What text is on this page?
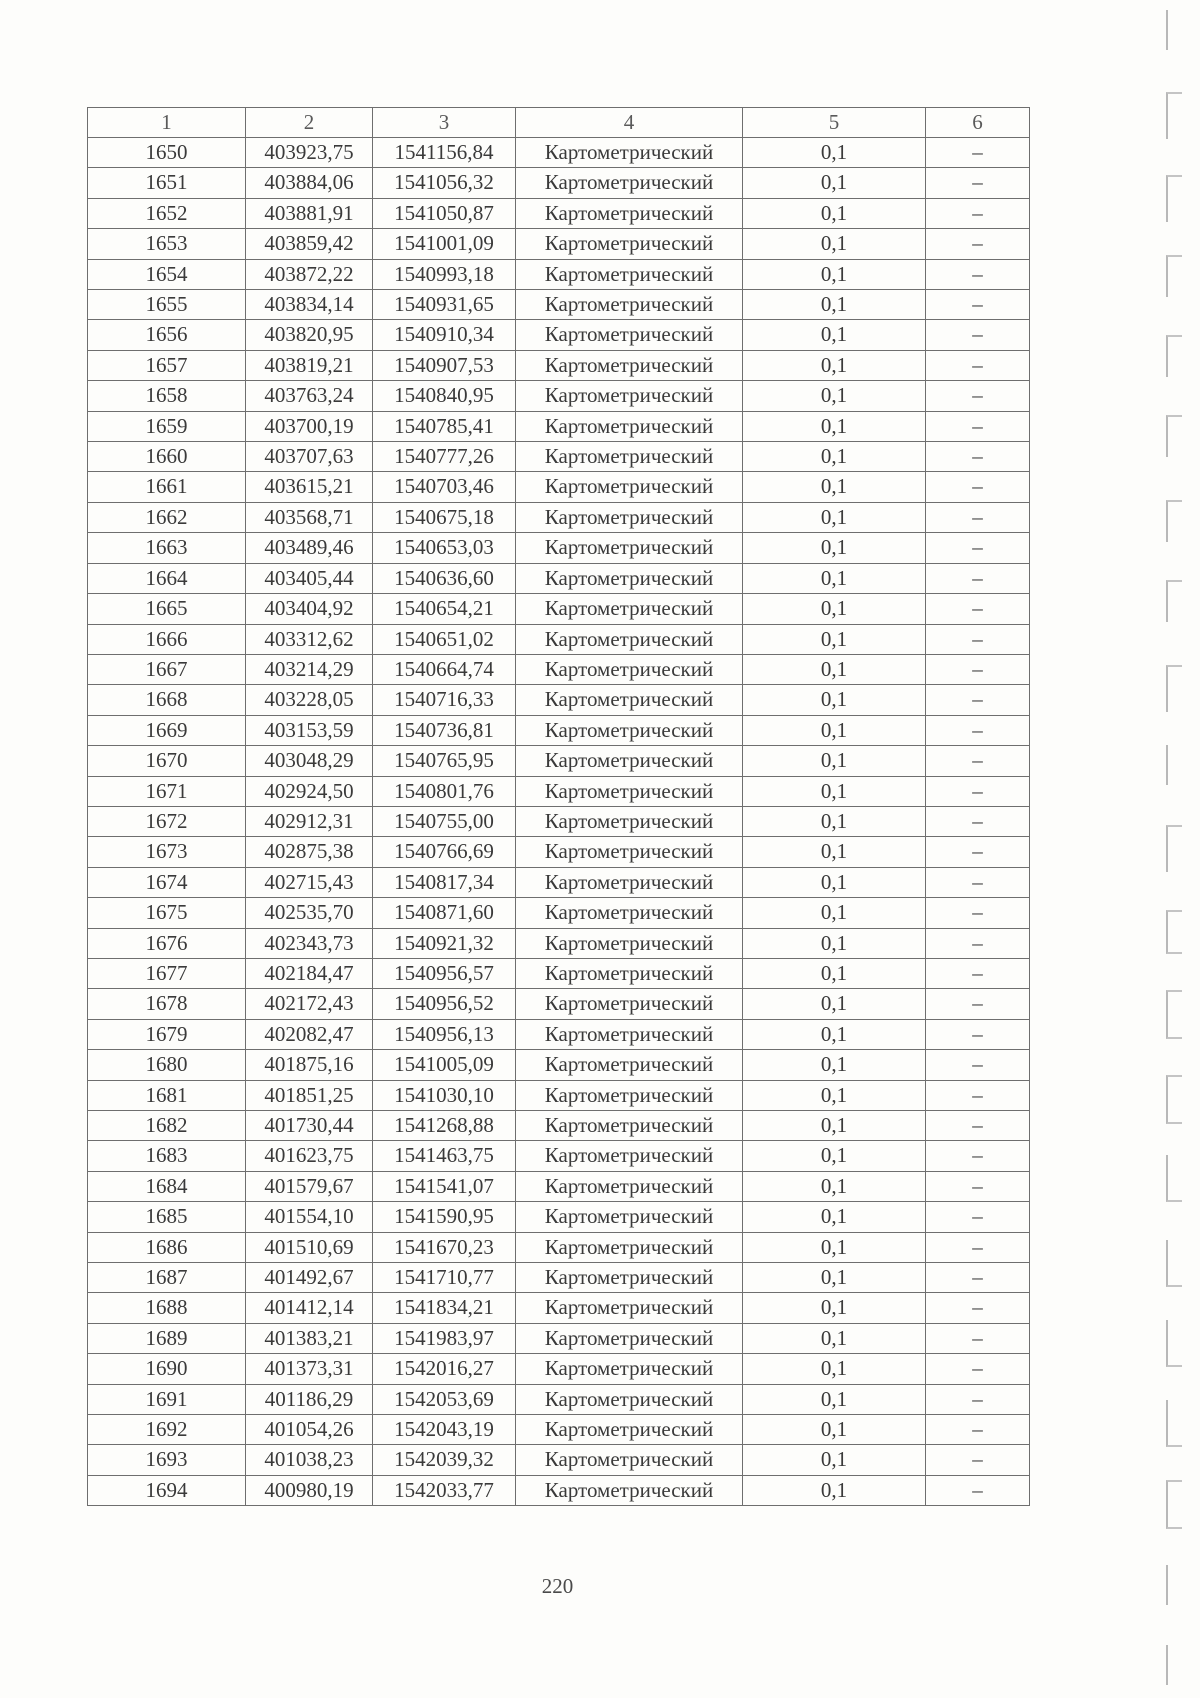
1	2	3	4	5	6
1650	403923,75	1541156,84	Картометрический	0,1	–
1651	403884,06	1541056,32	Картометрический	0,1	–
1652	403881,91	1541050,87	Картометрический	0,1	–
1653	403859,42	1541001,09	Картометрический	0,1	–
1654	403872,22	1540993,18	Картометрический	0,1	–
1655	403834,14	1540931,65	Картометрический	0,1	–
1656	403820,95	1540910,34	Картометрический	0,1	–
1657	403819,21	1540907,53	Картометрический	0,1	–
1658	403763,24	1540840,95	Картометрический	0,1	–
1659	403700,19	1540785,41	Картометрический	0,1	–
1660	403707,63	1540777,26	Картометрический	0,1	–
1661	403615,21	1540703,46	Картометрический	0,1	–
1662	403568,71	1540675,18	Картометрический	0,1	–
1663	403489,46	1540653,03	Картометрический	0,1	–
1664	403405,44	1540636,60	Картометрический	0,1	–
1665	403404,92	1540654,21	Картометрический	0,1	–
1666	403312,62	1540651,02	Картометрический	0,1	–
1667	403214,29	1540664,74	Картометрический	0,1	–
1668	403228,05	1540716,33	Картометрический	0,1	–
1669	403153,59	1540736,81	Картометрический	0,1	–
1670	403048,29	1540765,95	Картометрический	0,1	–
1671	402924,50	1540801,76	Картометрический	0,1	–
1672	402912,31	1540755,00	Картометрический	0,1	–
1673	402875,38	1540766,69	Картометрический	0,1	–
1674	402715,43	1540817,34	Картометрический	0,1	–
1675	402535,70	1540871,60	Картометрический	0,1	–
1676	402343,73	1540921,32	Картометрический	0,1	–
1677	402184,47	1540956,57	Картометрический	0,1	–
1678	402172,43	1540956,52	Картометрический	0,1	–
1679	402082,47	1540956,13	Картометрический	0,1	–
1680	401875,16	1541005,09	Картометрический	0,1	–
1681	401851,25	1541030,10	Картометрический	0,1	–
1682	401730,44	1541268,88	Картометрический	0,1	–
1683	401623,75	1541463,75	Картометрический	0,1	–
1684	401579,67	1541541,07	Картометрический	0,1	–
1685	401554,10	1541590,95	Картометрический	0,1	–
1686	401510,69	1541670,23	Картометрический	0,1	–
1687	401492,67	1541710,77	Картометрический	0,1	–
1688	401412,14	1541834,21	Картометрический	0,1	–
1689	401383,21	1541983,97	Картометрический	0,1	–
1690	401373,31	1542016,27	Картометрический	0,1	–
1691	401186,29	1542053,69	Картометрический	0,1	–
1692	401054,26	1542043,19	Картометрический	0,1	–
1693	401038,23	1542039,32	Картометрический	0,1	–
1694	400980,19	1542033,77	Картометрический	0,1	–
220
